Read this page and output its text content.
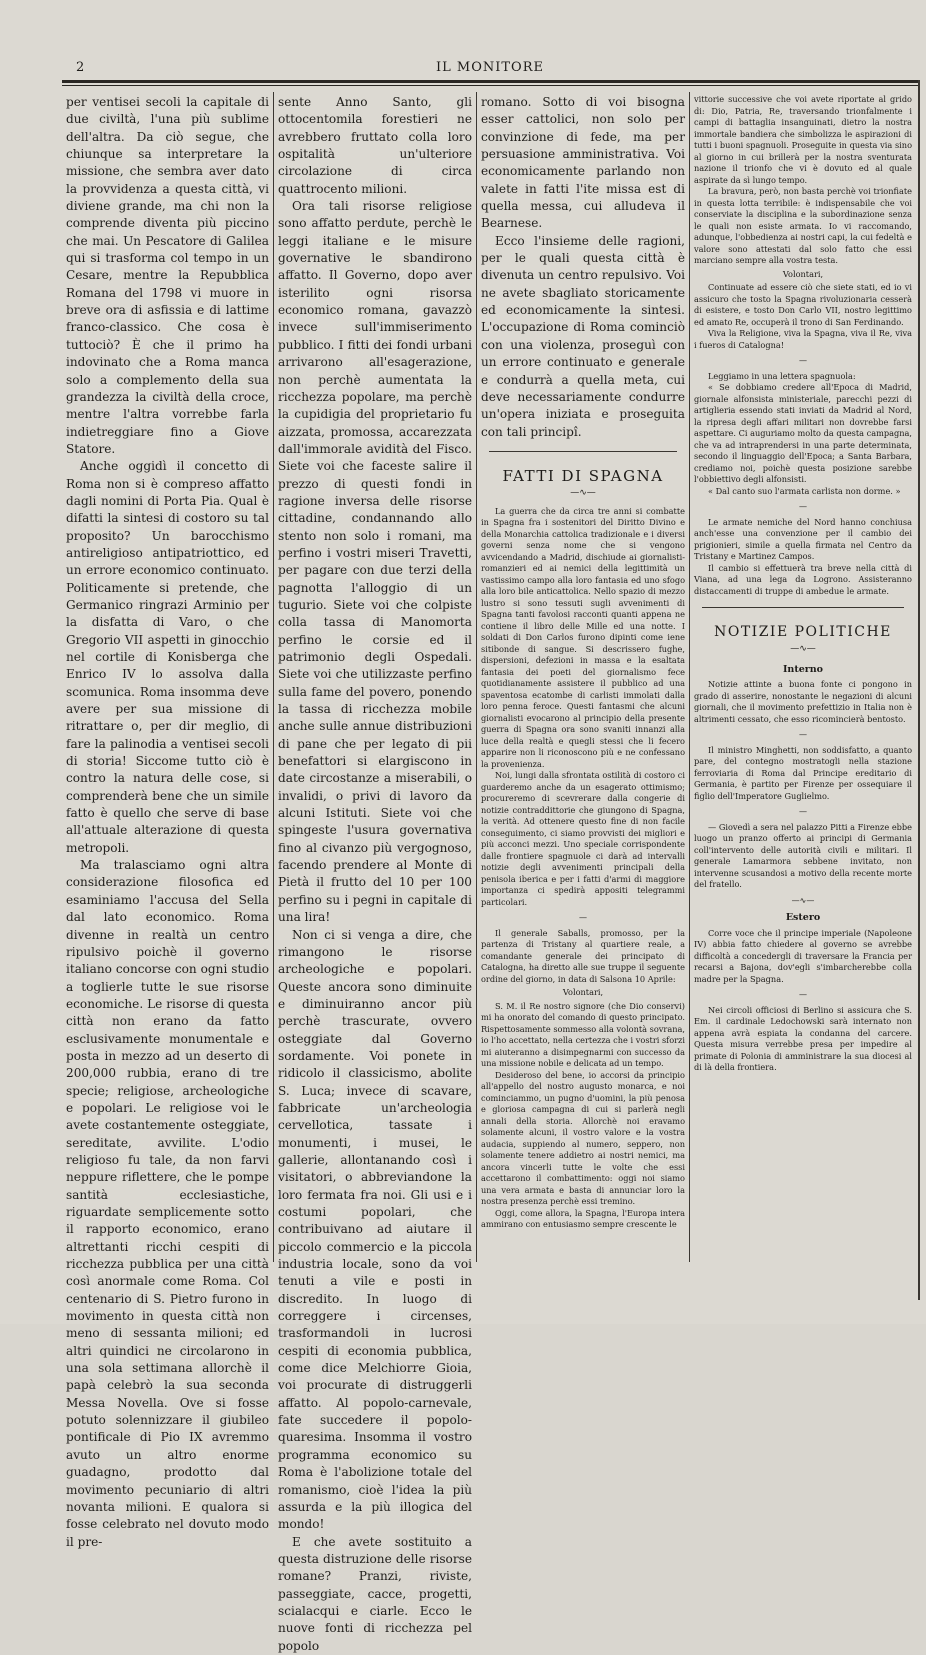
2	IL MONITORE

per ventisei secoli la capitale di due civiltà, l'una più sublime dell'altra. Da ciò segue, che chiunque sa interpretare la missione, che sembra aver dato la provvidenza a questa città, vi diviene grande, ma chi non la comprende diventa più piccino che mai. Un Pescatore di Galilea qui si trasforma col tempo in un Cesare, mentre la Repubblica Romana del 1798 vi muore in breve ora di asfissia e di lattime franco-classico. Che cosa è tuttociò? È che il primo ha indovinato che a Roma manca solo a complemento della sua grandezza la civiltà della croce, mentre l'altra vorrebbe farla indietreggiare fino a Giove Statore.

Anche oggidì il concetto di Roma non si è compreso affatto dagli nomini di Porta Pia. Qual è difatti la sintesi di costoro su tal proposito? Un barocchismo antireligioso antipatriottico, ed un errore economico continuato. Politicamente si pretende, che Germanico ringrazi Arminio per la disfatta di Varo, o che Gregorio VII aspetti in ginocchio nel cortile di Konisberga che Enrico IV lo assolva dalla scomunica. Roma insomma deve avere per sua missione di ritrattare o, per dir meglio, di fare la palinodia a ventisei secoli di storia! Siccome tutto ciò è contro la natura delle cose, si comprenderà bene che un simile fatto è quello che serve di base all'attuale alterazione di questa metropoli.

Ma tralasciamo ogni altra considerazione filosofica ed esaminiamo l'accusa del Sella dal lato economico. Roma divenne in realtà un centro ripulsivo poichè il governo italiano concorse con ogni studio a toglierle tutte le sue risorse economiche. Le risorse di questa città non erano da fatto esclusivamente monumentale e posta in mezzo ad un deserto di 200,000 rubbia, erano di tre specie; religiose, archeologiche e popolari. Le religiose voi le avete costantemente osteggiate, sereditate, avvilite. L'odio religioso fu tale, da non farvi neppure riflettere, che le pompe santità ecclesiastiche, riguardate semplicemente sotto il rapporto economico, erano altrettanti ricchi cespiti di ricchezza pubblica per una città così anormale come Roma. Col centenario di S. Pietro furono in movimento in questa città non meno di sessanta milioni; ed altri quindici ne circolarono in una sola settimana allorchè il papà celebrò la sua seconda Messa Novella. Ove si fosse potuto solennizzare il giubileo pontificale di Pio IX avremmo avuto un altro enorme guadagno, prodotto dal movimento pecuniario di altri novanta milioni. E qualora si fosse celebrato nel dovuto modo il pre-

sente Anno Santo, gli ottocentomila forestieri ne avrebbero fruttato colla loro ospitalità un'ulteriore circolazione di circa quattrocento milioni.

Ora tali risorse religiose sono affatto perdute, perchè le leggi italiane e le misure governative le sbandirono affatto. Il Governo, dopo aver isterilito ogni risorsa economico romana, gavazzò invece sull'immiserimento pubblico. I fitti dei fondi urbani arrivarono all'esagerazione, non perchè aumentata la ricchezza popolare, ma perchè la cupidigia del proprietario fu aizzata, promossa, accarezzata dall'immorale avidità del Fisco. Siete voi che faceste salire il prezzo di questi fondi in ragione inversa delle risorse cittadine, condannando allo stento non solo i romani, ma perfino i vostri miseri Travetti, per pagare con due terzi della pagnotta l'alloggio di un tugurio. Siete voi che colpiste colla tassa di Manomorta perfino le corsie ed il patrimonio degli Ospedali. Siete voi che utilizzaste perfino sulla fame del povero, ponendo la tassa di ricchezza mobile anche sulle annue distribuzioni di pane che per legato di pii benefattori si elargiscono in date circostanze a miserabili, o invalidi, o privi di lavoro da alcuni Istituti. Siete voi che spingeste l'usura governativa fino al civanzo più vergognoso, facendo prendere al Monte di Pietà il frutto del 10 per 100 perfino su i pegni in capitale di una lira!

Non ci si venga a dire, che rimangono le risorse archeologiche e popolari. Queste ancora sono diminuite e diminuiranno ancor più perchè trascurate, ovvero osteggiate dal Governo sordamente. Voi ponete in ridicolo il classicismo, abolite S. Luca; invece di scavare, fabbricate un'archeologia cervellotica, tassate i monumenti, i musei, le gallerie, allontanando così i visitatori, o abbreviandone la loro fermata fra noi. Gli usi e i costumi popolari, che contribuivano ad aiutare il piccolo commercio e la piccola industria locale, sono da voi tenuti a vile e posti in discredito. In luogo di correggere i circenses, trasformandoli in lucrosi cespiti di economia pubblica, come dice Melchiorre Gioia, voi procurate di distruggerli affatto. Al popolo-carnevale, fate succedere il popolo-quaresima. Insomma il vostro programma economico su Roma è l'abolizione totale del romanismo, cioè l'idea la più assurda e la più illogica del mondo!

E che avete sostituito a questa distruzione delle risorse romane? Pranzi, riviste, passeggiate, cacce, progetti, scialacqui e ciarle. Ecco le nuove fonti di ricchezza pel popolo

romano. Sotto di voi bisogna esser cattolici, non solo per convinzione di fede, ma per persuasione amministrativa. Voi economicamente parlando non valete in fatti l'ite missa est di quella messa, cui alludeva il Bearnese.

Ecco l'insieme delle ragioni, per le quali questa città è divenuta un centro repulsivo. Voi ne avete sbagliato storicamente ed economicamente la sintesi. L'occupazione di Roma cominciò con una violenza, proseguì con un errore continuato e generale e condurrà a quella meta, cui deve necessariamente condurre un'opera iniziata e proseguita con tali principî.

FATTI DI SPAGNA
—∿—

La guerra che da circa tre anni si combatte in Spagna fra i sostenitori del Diritto Divino e della Monarchia cattolica tradizionale e i diversi governi senza nome che si vengono avvicendando a Madrid, dischiude ai giornalisti-romanzieri ed ai nemici della legittimità un vastissimo campo alla loro fantasia ed uno sfogo alla loro bile anticattolica. Nello spazio di mezzo lustro si sono tessuti sugli avvenimenti di Spagna tanti favolosi racconti quanti appena ne contiene il libro delle Mille ed una notte. I soldati di Don Carlos furono dipinti come iene sitibonde di sangue. Si descrissero fughe, dispersioni, defezioni in massa e la esaltata fantasia dei poeti del giornalismo fece quotidianamente assistere il pubblico ad una spaventosa ecatombe di carlisti immolati dalla loro penna feroce. Questi fantasmi che alcuni giornalisti evocarono al principio della presente guerra di Spagna ora sono svaniti innanzi alla luce della realtà e quegli stessi che li fecero apparire non li riconoscono più e ne confessano la provenienza.

Noi, lungi dalla sfrontata ostilità di costoro ci guarderemo anche da un esagerato ottimismo; procureremo di scevrerare dalla congerie di notizie contraddittorie che giungono di Spagna, la verità. Ad ottenere questo fine di non facile conseguimento, ci siamo provvisti dei migliori e più acconci mezzi. Uno speciale corrispondente dalle frontiere spagnuole ci darà ad intervalli notizie degli avvenimenti principali della penisola iberica e per i fatti d'armi di maggiore importanza ci spedirà appositi telegrammi particolari.

—

Il generale Saballs, promosso, per la partenza di Tristany al quartiere reale, a comandante generale dei principato di Catalogna, ha diretto alle sue truppe il seguente ordine del giorno, in data di Salsona 10 Aprile:

Volontari,

S. M. il Re nostro signore (che Dio conservi) mi ha onorato del comando di questo principato. Rispettosamente sommesso alla volontà sovrana, io l'ho accettato, nella certezza che i vostri sforzi mi aiuteranno a disimpegnarmi con successo da una missione nobile e delicata ad un tempo.

Desideroso del bene, io accorsi da principio all'appello del nostro augusto monarca, e noi cominciammo, un pugno d'uomini, la più penosa e gloriosa campagna di cui si parlerà negli annali della storia. Allorchè noi eravamo solamente alcuni, il vostro valore e la vostra audacia, suppiendo al numero, seppero, non solamente tenere addietro ai nostri nemici, ma ancora vincerli tutte le volte che essi accettarono il combattimento: oggi noi siamo una vera armata e basta di annunciar loro la nostra presenza perchè essi tremino.

Oggi, come allora, la Spagna, l'Europa intera ammirano con entusiasmo sempre crescente le

vittorie successive che voi avete riportate al grido di: Dio, Patria, Re, traversando trionfalmente i campi di battaglia insanguinati, dietro la nostra immortale bandiera che simbolizza le aspirazioni di tutti i buoni spagnuoli. Proseguite in questa via sino al giorno in cui brillerà per la nostra sventurata nazione il trionfo che vi è dovuto ed al quale aspirate da sì lungo tempo.

La bravura, però, non basta perchè voi trionfiate in questa lotta terribile: è indispensabile che voi conserviate la disciplina e la subordinazione senza le quali non esiste armata. Io vi raccomando, adunque, l'obbedienza ai nostri capi, la cui fedeltà e valore sono attestati dal solo fatto che essi marciano sempre alla vostra testa.

Volontari,

Continuate ad essere ciò che siete stati, ed io vi assicuro che tosto la Spagna rivoluzionaria cesserà di esistere, e tosto Don Carlo VII, nostro legittimo ed amato Re, occuperà il trono di San Ferdinando.

Viva la Religione, viva la Spagna, viva il Re, viva i fueros di Catalogna!

—

Leggiamo in una lettera spagnuola:

« Se dobbiamo credere all'Epoca di Madrid, giornale alfonsista ministeriale, parecchi pezzi di artiglieria essendo stati inviati da Madrid al Nord, la ripresa degli affari militari non dovrebbe farsi aspettare. Ci auguriamo molto da questa campagna, che va ad intraprendersi in una parte determinata, secondo il linguaggio dell'Epoca; a Santa Barbara, crediamo noi, poichè questa posizione sarebbe l'obbiettivo degli alfonsisti.

« Dal canto suo l'armata carlista non dorme. »

—

Le armate nemiche del Nord hanno conchiusa anch'esse una convenzione per il cambio dei prigionieri, simile a quella firmata nel Centro da Tristany e Martinez Campos.

Il cambio si effettuerà tra breve nella città di Viana, ad una lega da Logrono. Assisteranno distaccamenti di truppe di ambedue le armate.

NOTIZIE POLITICHE
—∿—
Interno

Notizie attinte a buona fonte ci pongono in grado di asserire, nonostante le negazioni di alcuni giornali, che il movimento prefettizio in Italia non è altrimenti cessato, che esso ricomincierà bentosto.

—

Il ministro Minghetti, non soddisfatto, a quanto pare, del contegno mostratogli nella stazione ferroviaria di Roma dal Principe ereditario di Germania, è partito per Firenze per ossequiare il figlio dell'Imperatore Guglielmo.

—

— Giovedì a sera nel palazzo Pitti a Firenze ebbe luogo un pranzo offerto ai principi di Germania coll'intervento delle autorità civili e militari. Il generale Lamarmora sebbene invitato, non intervenne scusandosi a motivo della recente morte del fratello.

—∿—
Estero

Corre voce che il principe imperiale (Napoleone IV) abbia fatto chiedere al governo se avrebbe difficoltà a concedergli di traversare la Francia per recarsi a Bajona, dov'egli s'imbarcherebbe colla madre per la Spagna.

—

Nei circoli officiosi di Berlino si assicura che S. Em. il cardinale Ledochowski sarà internato non appena avrà espiata la condanna del carcere. Questa misura verrebbe presa per impedire al primate di Polonia di amministrare la sua diocesi al di là della frontiera.
